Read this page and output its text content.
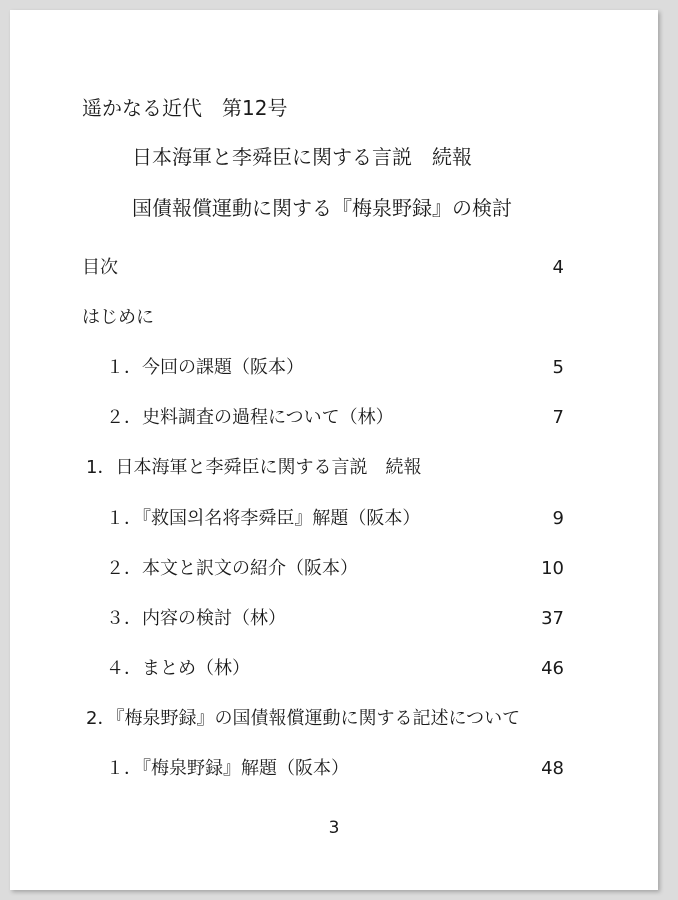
遥かなる近代　第12号
日本海軍と李舜臣に関する言説　続報
国債報償運動に関する『梅泉野録』の検討
目次	4
はじめに
１．今回の課題（阪本）	5
２．史料調査の過程について（林）	7
1．日本海軍と李舜臣に関する言説　続報
１．『救国의名将李舜臣』解題（阪本）	9
２．本文と訳文の紹介（阪本）	10
３．内容の検討（林）	37
４．まとめ（林）	46
2．『梅泉野録』の国債報償運動に関する記述について
１．『梅泉野録』解題（阪本）	48
3
